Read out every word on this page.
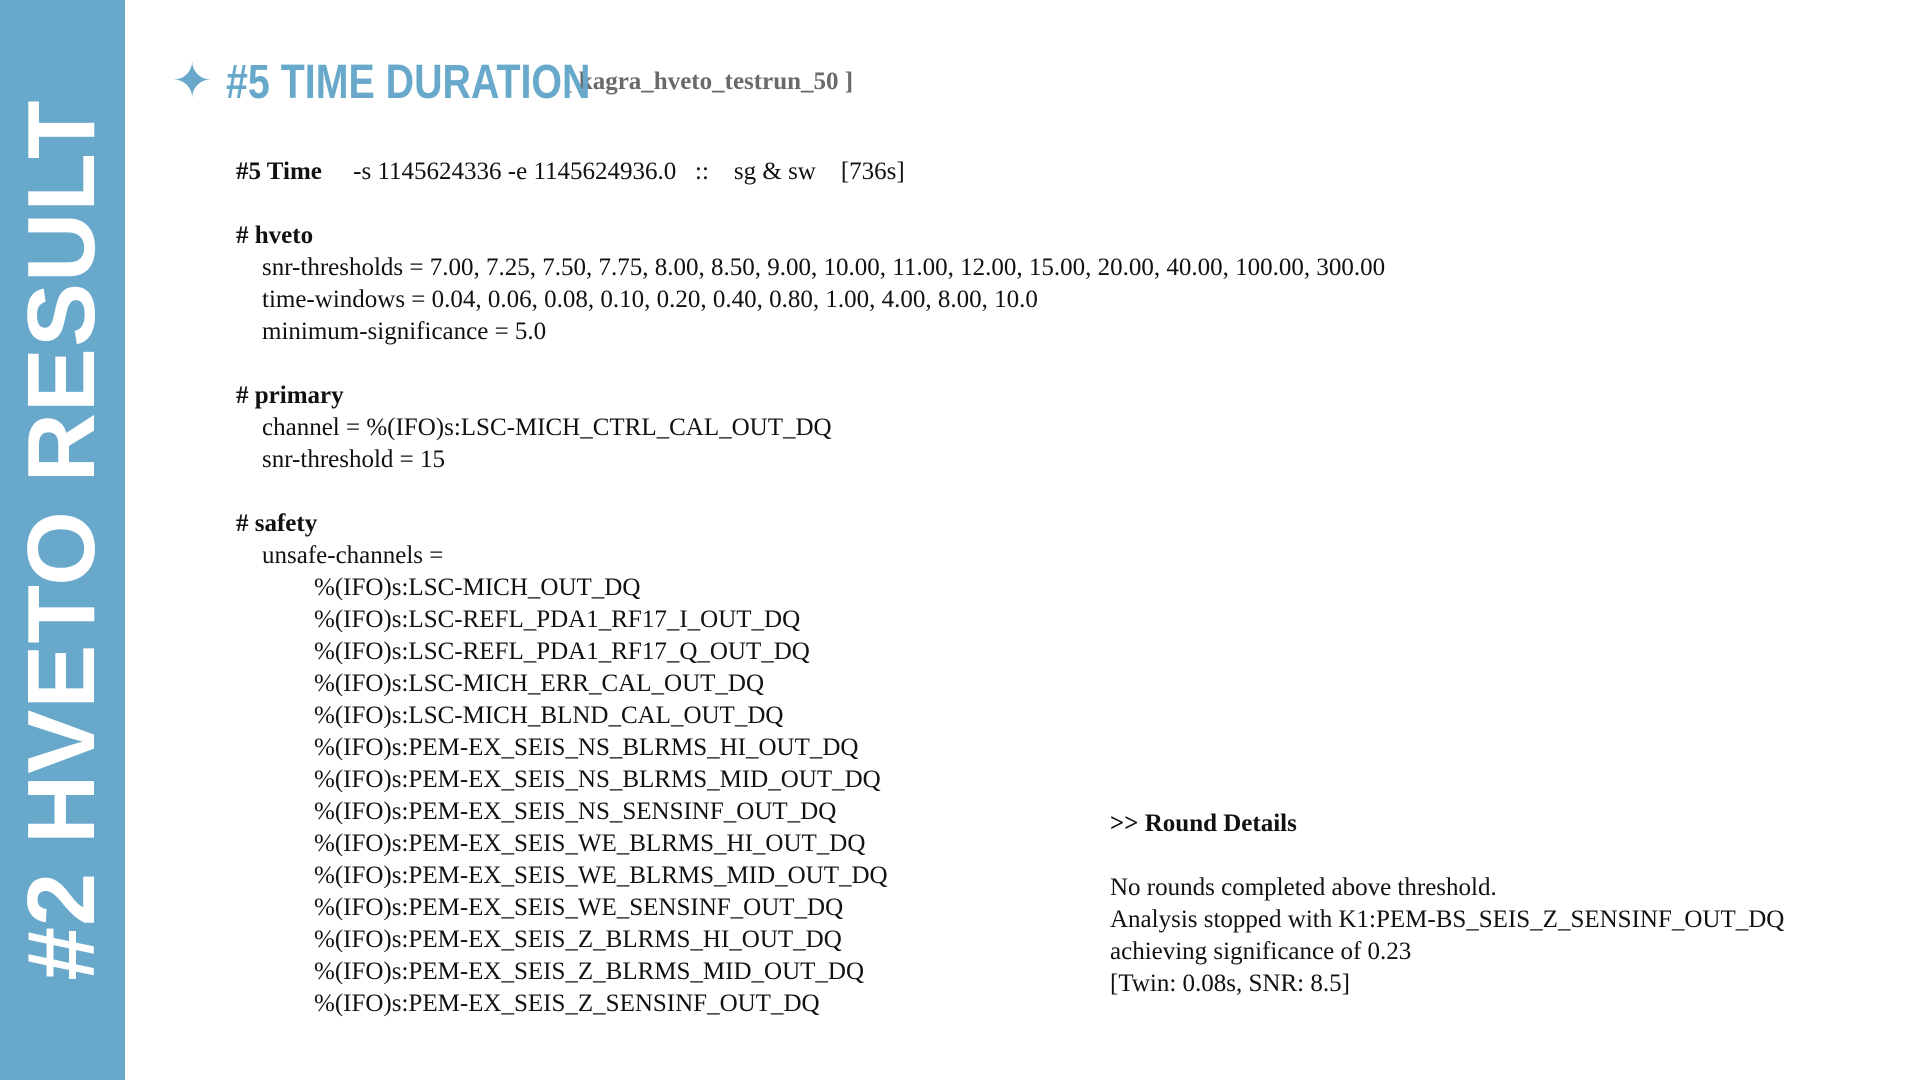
#2 HVETO RESULT
✦ #5 TIME DURATION
[ kagra_hveto_testrun_50 ]
#5 Time -s 1145624336 -e 1145624936.0   ::    sg & sw    [736s]
# hveto
snr-thresholds = 7.00, 7.25, 7.50, 7.75, 8.00, 8.50, 9.00, 10.00, 11.00, 12.00, 15.00, 20.00, 40.00, 100.00, 300.00
time-windows = 0.04, 0.06, 0.08, 0.10, 0.20, 0.40, 0.80, 1.00, 4.00, 8.00, 10.0
minimum-significance = 5.0
# primary
channel = %(IFO)s:LSC-MICH_CTRL_CAL_OUT_DQ
snr-threshold = 15
# safety
unsafe-channels =
%(IFO)s:LSC-MICH_OUT_DQ
%(IFO)s:LSC-REFL_PDA1_RF17_I_OUT_DQ
%(IFO)s:LSC-REFL_PDA1_RF17_Q_OUT_DQ
%(IFO)s:LSC-MICH_ERR_CAL_OUT_DQ
%(IFO)s:LSC-MICH_BLND_CAL_OUT_DQ
%(IFO)s:PEM-EX_SEIS_NS_BLRMS_HI_OUT_DQ
%(IFO)s:PEM-EX_SEIS_NS_BLRMS_MID_OUT_DQ
%(IFO)s:PEM-EX_SEIS_NS_SENSINF_OUT_DQ
%(IFO)s:PEM-EX_SEIS_WE_BLRMS_HI_OUT_DQ
%(IFO)s:PEM-EX_SEIS_WE_BLRMS_MID_OUT_DQ
%(IFO)s:PEM-EX_SEIS_WE_SENSINF_OUT_DQ
%(IFO)s:PEM-EX_SEIS_Z_BLRMS_HI_OUT_DQ
%(IFO)s:PEM-EX_SEIS_Z_BLRMS_MID_OUT_DQ
%(IFO)s:PEM-EX_SEIS_Z_SENSINF_OUT_DQ
>> Round Details
No rounds completed above threshold.
Analysis stopped with K1:PEM-BS_SEIS_Z_SENSINF_OUT_DQ
achieving significance of 0.23
[Twin: 0.08s, SNR: 8.5]
